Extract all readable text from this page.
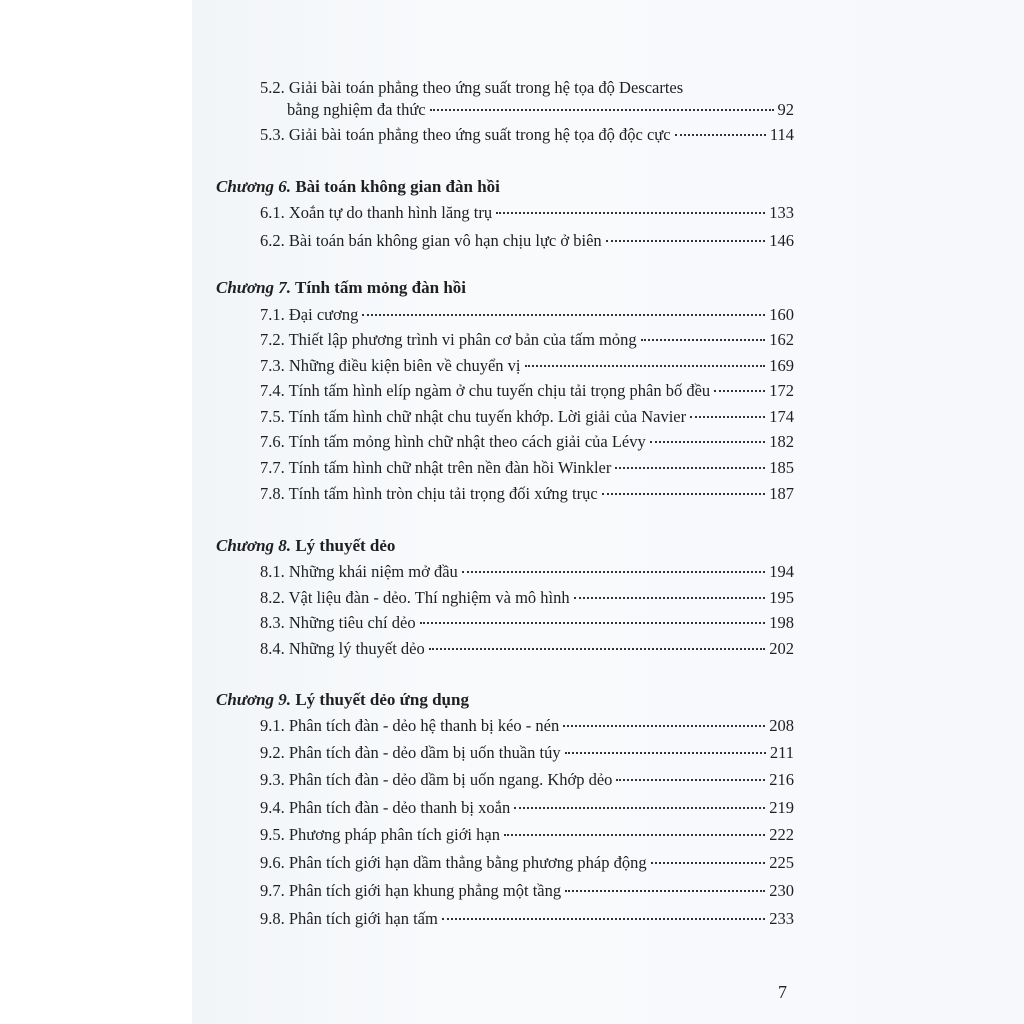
5.2. Giải bài toán phẳng theo ứng suất trong hệ tọa độ Descartes
bằng nghiệm đa thức	92
5.3. Giải bài toán phẳng theo ứng suất trong hệ tọa độ độc cực	114
Chương 6. Bài toán không gian đàn hồi
6.1. Xoắn tự do thanh hình lăng trụ	133
6.2. Bài toán bán không gian vô hạn chịu lực ở biên	146
Chương 7. Tính tấm mỏng đàn hồi
7.1. Đại cương	160
7.2. Thiết lập phương trình vi phân cơ bản của tấm mỏng	162
7.3. Những điều kiện biên về chuyển vị	169
7.4. Tính tấm hình elíp ngàm ở chu tuyến chịu tải trọng phân bố đều	172
7.5. Tính tấm hình chữ nhật chu tuyến khớp. Lời giải của Navier	174
7.6. Tính tấm mỏng hình chữ nhật theo cách giải của Lévy	182
7.7. Tính tấm hình chữ nhật trên nền đàn hồi Winkler	185
7.8. Tính tấm hình tròn chịu tải trọng đối xứng trục	187
Chương 8. Lý thuyết dẻo
8.1. Những khái niệm mở đầu	194
8.2. Vật liệu đàn - dẻo. Thí nghiệm và mô hình	195
8.3. Những tiêu chí dẻo	198
8.4. Những lý thuyết dẻo	202
Chương 9. Lý thuyết dẻo ứng dụng
9.1. Phân tích đàn - dẻo hệ thanh bị kéo - nén	208
9.2. Phân tích đàn - dẻo dầm bị uốn thuần túy	211
9.3. Phân tích đàn - dẻo dầm bị uốn ngang. Khớp dẻo	216
9.4. Phân tích đàn - dẻo thanh bị xoắn	219
9.5. Phương pháp phân tích giới hạn	222
9.6. Phân tích giới hạn dầm thẳng bằng phương pháp động	225
9.7. Phân tích giới hạn khung phẳng một tầng	230
9.8. Phân tích giới hạn tấm	233
7
